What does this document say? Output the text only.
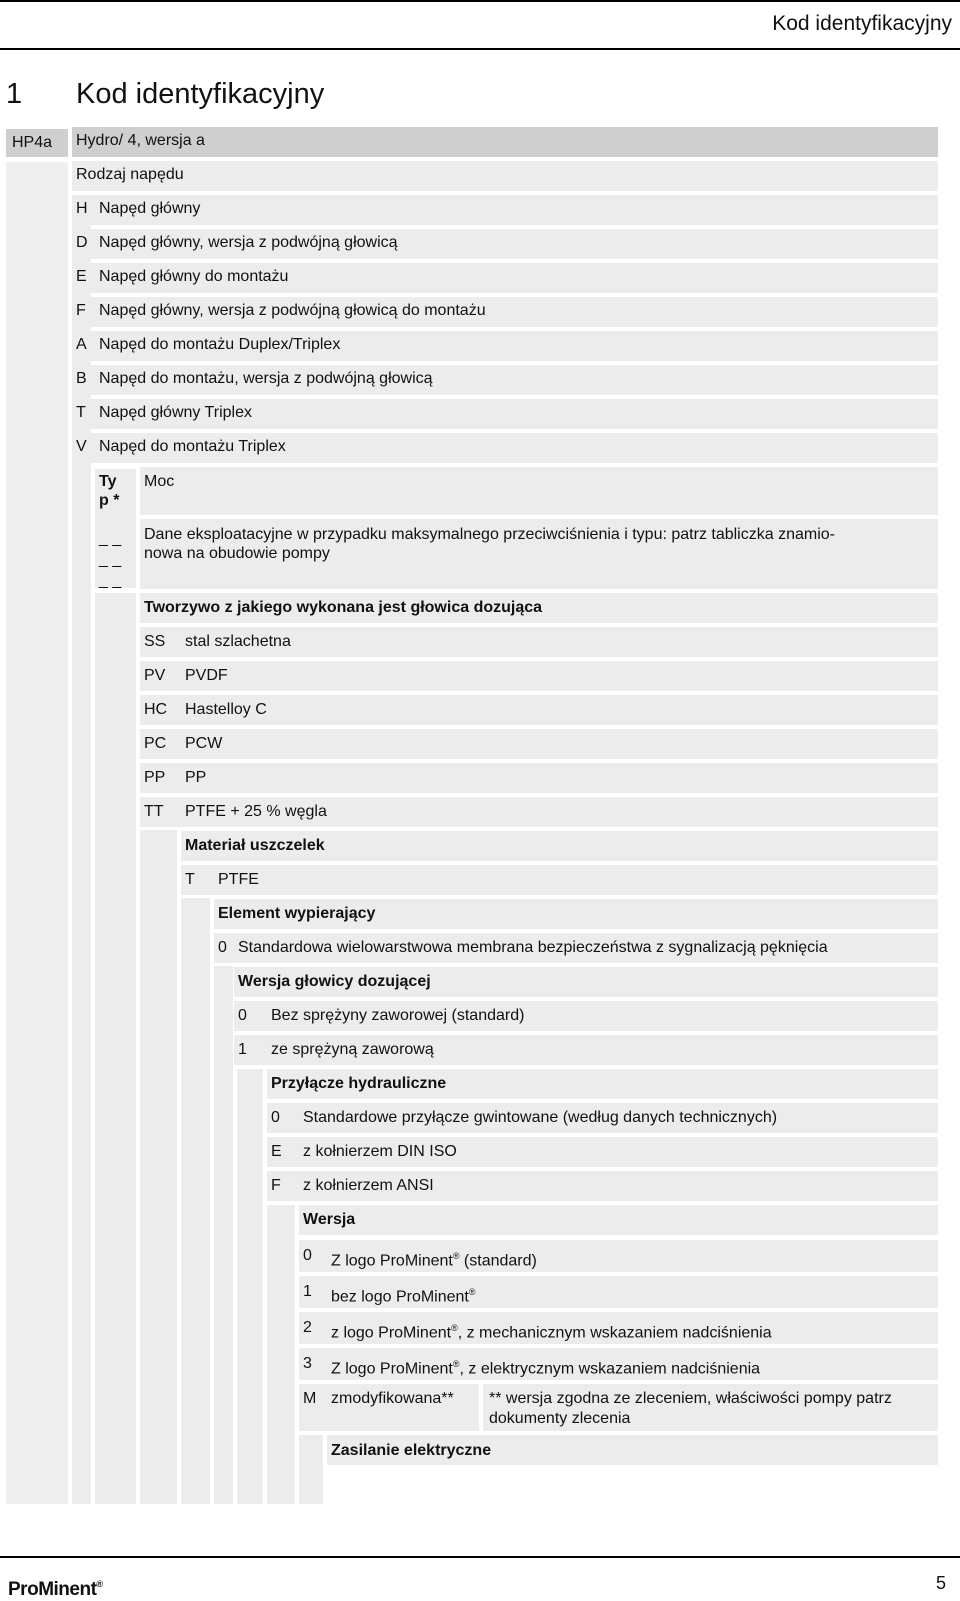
Kod identyfikacyjny
1 Kod identyfikacyjny
HP4a	Hydro/ 4, wersja a
Rodzaj napędu
H Napęd główny
D Napęd główny, wersja z podwójną głowicą
E Napęd główny do montażu
F Napęd główny, wersja z podwójną głowicą do montażu
A Napęd do montażu Duplex/Triplex
B Napęd do montażu, wersja z podwójną głowicą
T Napęd główny Triplex
V Napęd do montażu Triplex
Ty
p *
Moc
_ _
_ _
_ _
Dane eksploatacyjne w przypadku maksymalnego przeciwciśnienia i typu: patrz tabliczka znamio-
nowa na obudowie pompy
Tworzywo z jakiego wykonana jest głowica dozująca
SS stal szlachetna
PV PVDF
HC Hastelloy C
PC PCW
PP PP
TT PTFE + 25 % węgla
Materiał uszczelek
T PTFE
Element wypierający
0 Standardowa wielowarstwowa membrana bezpieczeństwa z sygnalizacją pęknięcia
Wersja głowicy dozującej
0 Bez sprężyny zaworowej (standard)
1 ze sprężyną zaworową
Przyłącze hydrauliczne
0 Standardowe przyłącze gwintowane (według danych technicznych)
E z kołnierzem DIN ISO
F z kołnierzem ANSI
Wersja
0 Z logo ProMinent® (standard)
1 bez logo ProMinent®
2 z logo ProMinent®, z mechanicznym wskazaniem nadciśnienia
3 Z logo ProMinent®, z elektrycznym wskazaniem nadciśnienia
M zmodyfikowana** ** wersja zgodna ze zleceniem, właściwości pompy patrz
dokumenty zlecenia
Zasilanie elektryczne
ProMinent®	5
